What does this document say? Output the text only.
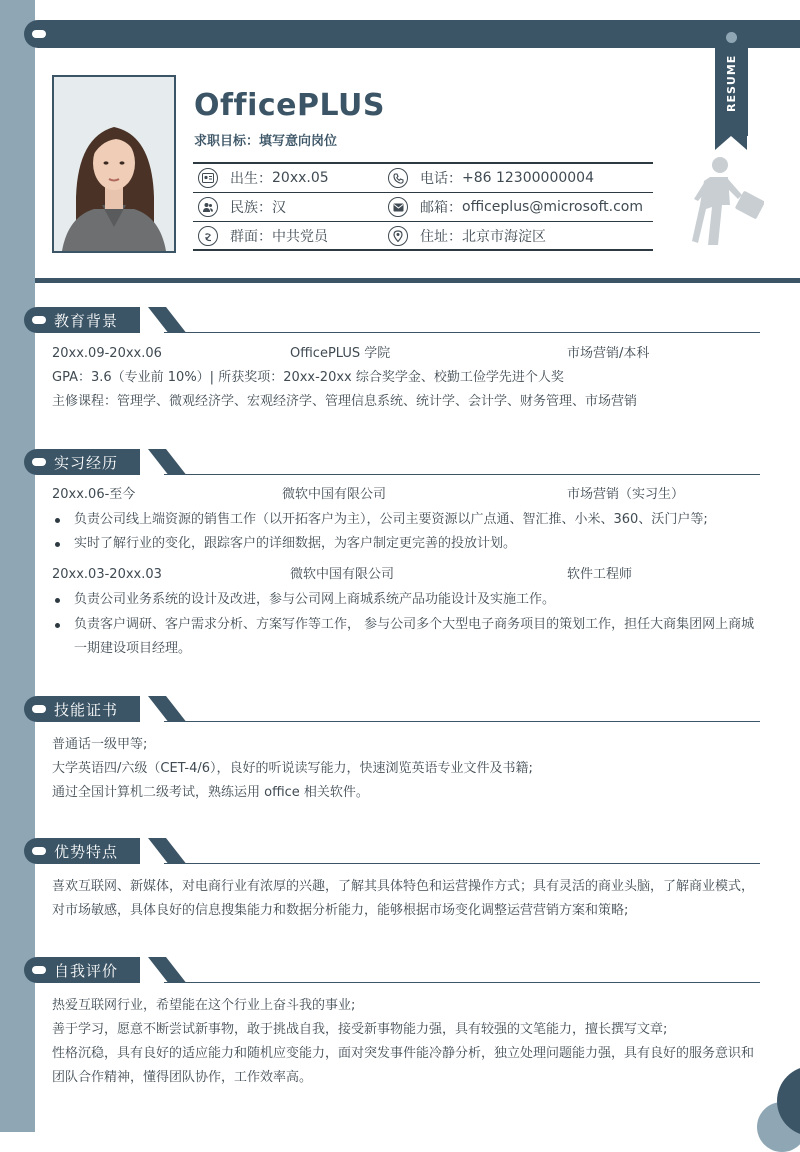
RESUME
OfficePLUS
求职目标：填写意向岗位
出生： 20xx.05	电话： +86 12300000004
民族： 汉	邮箱： officeplus@microsoft.com
群面： 中共党员	住址： 北京市海淀区
教育背景
20xx.09-20xx.06	OfficePLUS 学院	市场营销/本科
GPA：3.6（专业前 10%）| 所获奖项：20xx-20xx 综合奖学金、校勤工俭学先进个人奖
主修课程：管理学、微观经济学、宏观经济学、管理信息系统、统计学、会计学、财务管理、市场营销
实习经历
20xx.06-至今	微软中国有限公司	市场营销（实习生）
负责公司线上端资源的销售工作（以开拓客户为主），公司主要资源以广点通、智汇推、小米、360、沃门户等;
实时了解行业的变化，跟踪客户的详细数据，为客户制定更完善的投放计划。
20xx.03-20xx.03	微软中国有限公司	软件工程师
负责公司业务系统的设计及改进，参与公司网上商城系统产品功能设计及实施工作。
负责客户调研、客户需求分析、方案写作等工作， 参与公司多个大型电子商务项目的策划工作，担任大商集团网上商城一期建设项目经理。
技能证书
普通话一级甲等;
大学英语四/六级（CET-4/6），良好的听说读写能力，快速浏览英语专业文件及书籍;
通过全国计算机二级考试，熟练运用 office 相关软件。
优势特点
喜欢互联网、新媒体，对电商行业有浓厚的兴趣，了解其具体特色和运营操作方式；具有灵活的商业头脑，了解商业模式，对市场敏感，具体良好的信息搜集能力和数据分析能力，能够根据市场变化调整运营营销方案和策略;
自我评价
热爱互联网行业，希望能在这个行业上奋斗我的事业;
善于学习，愿意不断尝试新事物，敢于挑战自我，接受新事物能力强，具有较强的文笔能力，擅长撰写文章;
性格沉稳，具有良好的适应能力和随机应变能力，面对突发事件能冷静分析，独立处理问题能力强，具有良好的服务意识和团队合作精神，懂得团队协作，工作效率高。
